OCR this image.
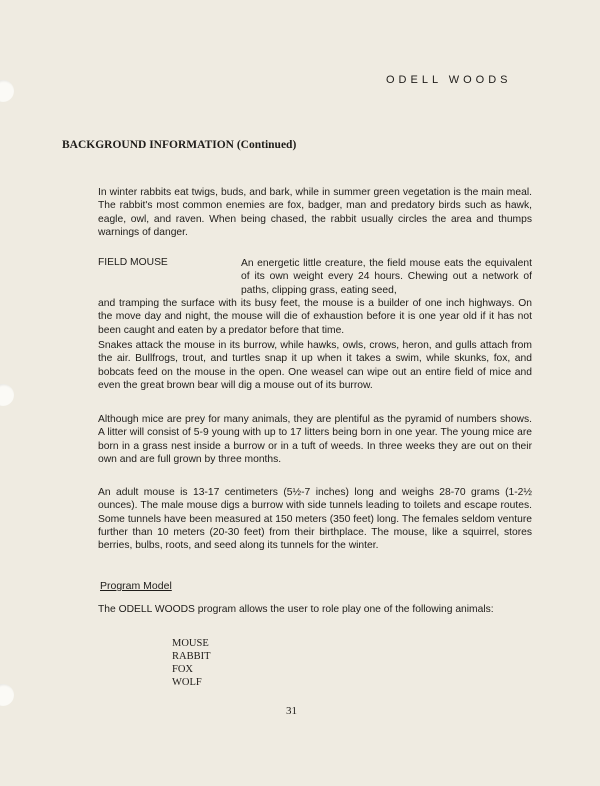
ODELL WOODS
BACKGROUND INFORMATION (Continued)

In winter rabbits eat twigs, buds, and bark, while in summer green vegetation is the main meal. The rabbit's most common enemies are fox, badger, man and predatory birds such as hawk, eagle, owl, and raven. When being chased, the rabbit usually circles the area and thumps warnings of danger.

FIELD MOUSE	An energetic little creature, the field mouse eats the equivalent of its own weight every 24 hours. Chewing out a network of paths, clipping grass, eating seed,

and tramping the surface with its busy feet, the mouse is a builder of one inch highways. On the move day and night, the mouse will die of exhaustion before it is one year old if it has not been caught and eaten by a predator before that time.

Snakes attack the mouse in its burrow, while hawks, owls, crows, heron, and gulls attach from the air. Bullfrogs, trout, and turtles snap it up when it takes a swim, while skunks, fox, and bobcats feed on the mouse in the open. One weasel can wipe out an entire field of mice and even the great brown bear will dig a mouse out of its burrow.

Although mice are prey for many animals, they are plentiful as the pyramid of numbers shows. A litter will consist of 5-9 young with up to 17 litters being born in one year. The young mice are born in a grass nest inside a burrow or in a tuft of weeds. In three weeks they are out on their own and are full grown by three months.

An adult mouse is 13-17 centimeters (5½-7 inches) long and weighs 28-70 grams (1-2½ ounces). The male mouse digs a burrow with side tunnels leading to toilets and escape routes. Some tunnels have been measured at 150 meters (350 feet) long. The females seldom venture further than 10 meters (20-30 feet) from their birthplace. The mouse, like a squirrel, stores berries, bulbs, roots, and seed along its tunnels for the winter.

Program Model

The ODELL WOODS program allows the user to role play one of the following animals:

MOUSE
RABBIT
FOX
WOLF
31
